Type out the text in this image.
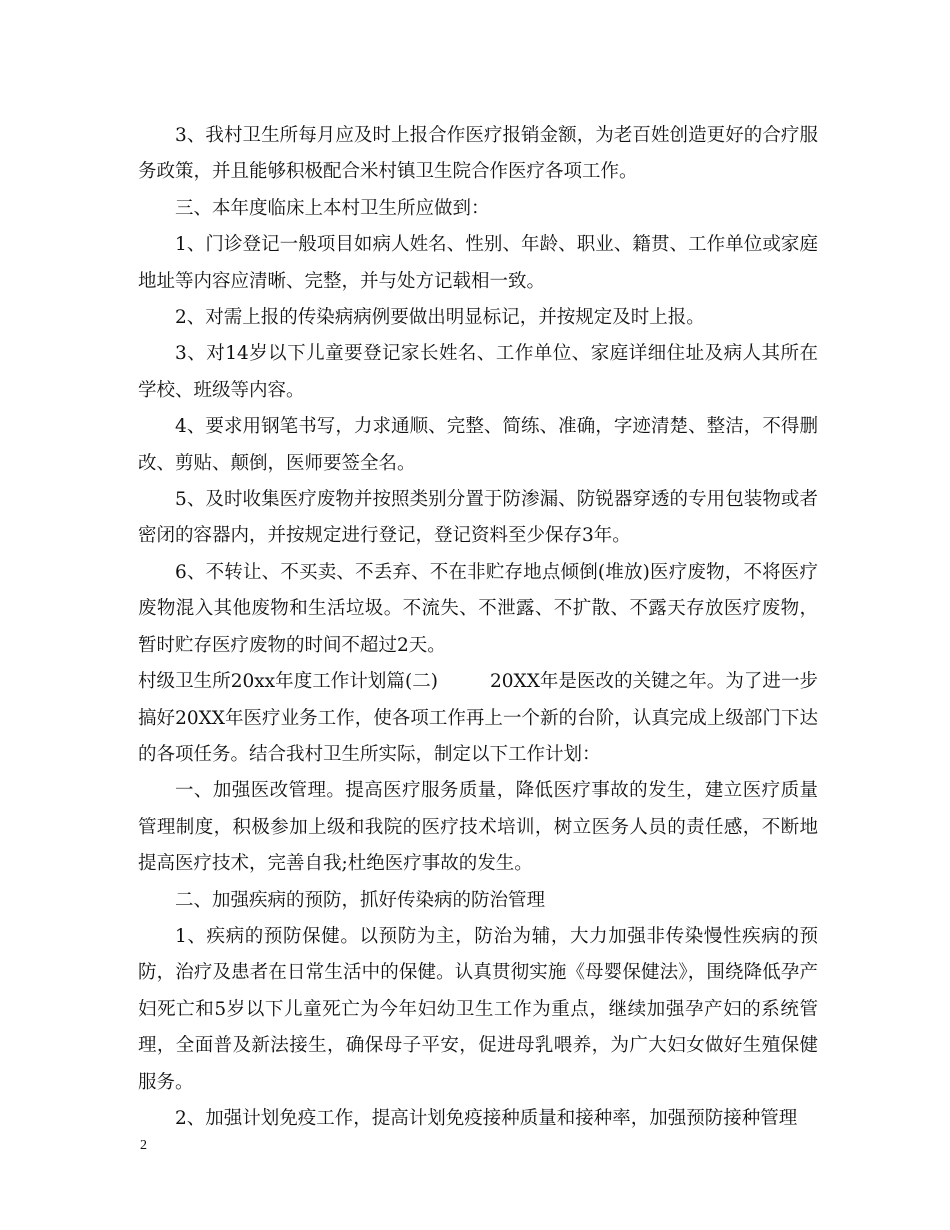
3、我村卫生所每月应及时上报合作医疗报销金额，为老百姓创造更好的合疗服务政策，并且能够积极配合米村镇卫生院合作医疗各项工作。

三、本年度临床上本村卫生所应做到：

1、门诊登记一般项目如病人姓名、性别、年龄、职业、籍贯、工作单位或家庭地址等内容应清晰、完整，并与处方记载相一致。

2、对需上报的传染病病例要做出明显标记，并按规定及时上报。

3、对14岁以下儿童要登记家长姓名、工作单位、家庭详细住址及病人其所在学校、班级等内容。

4、要求用钢笔书写，力求通顺、完整、简练、准确，字迹清楚、整洁，不得删改、剪贴、颠倒，医师要签全名。

5、及时收集医疗废物并按照类别分置于防渗漏、防锐器穿透的专用包装物或者密闭的容器内，并按规定进行登记，登记资料至少保存3年。

6、不转让、不买卖、不丢弃、不在非贮存地点倾倒(堆放)医疗废物，不将医疗废物混入其他废物和生活垃圾。不流失、不泄露、不扩散、不露天存放医疗废物，暂时贮存医疗废物的时间不超过2天。

村级卫生所20xx年度工作计划篇(二)	20XX年是医改的关键之年。为了进一步搞好20XX年医疗业务工作，使各项工作再上一个新的台阶，认真完成上级部门下达的各项任务。结合我村卫生所实际，制定以下工作计划：

一、加强医改管理。提高医疗服务质量，降低医疗事故的发生，建立医疗质量管理制度，积极参加上级和我院的医疗技术培训，树立医务人员的责任感，不断地提高医疗技术，完善自我;杜绝医疗事故的发生。

二、加强疾病的预防，抓好传染病的防治管理

1、疾病的预防保健。以预防为主，防治为辅，大力加强非传染慢性疾病的预防，治疗及患者在日常生活中的保健。认真贯彻实施《母婴保健法》，围绕降低孕产妇死亡和5岁以下儿童死亡为今年妇幼卫生工作为重点，继续加强孕产妇的系统管理，全面普及新法接生，确保母子平安，促进母乳喂养，为广大妇女做好生殖保健服务。

2、加强计划免疫工作，提高计划免疫接种质量和接种率，加强预防接种管理

2
